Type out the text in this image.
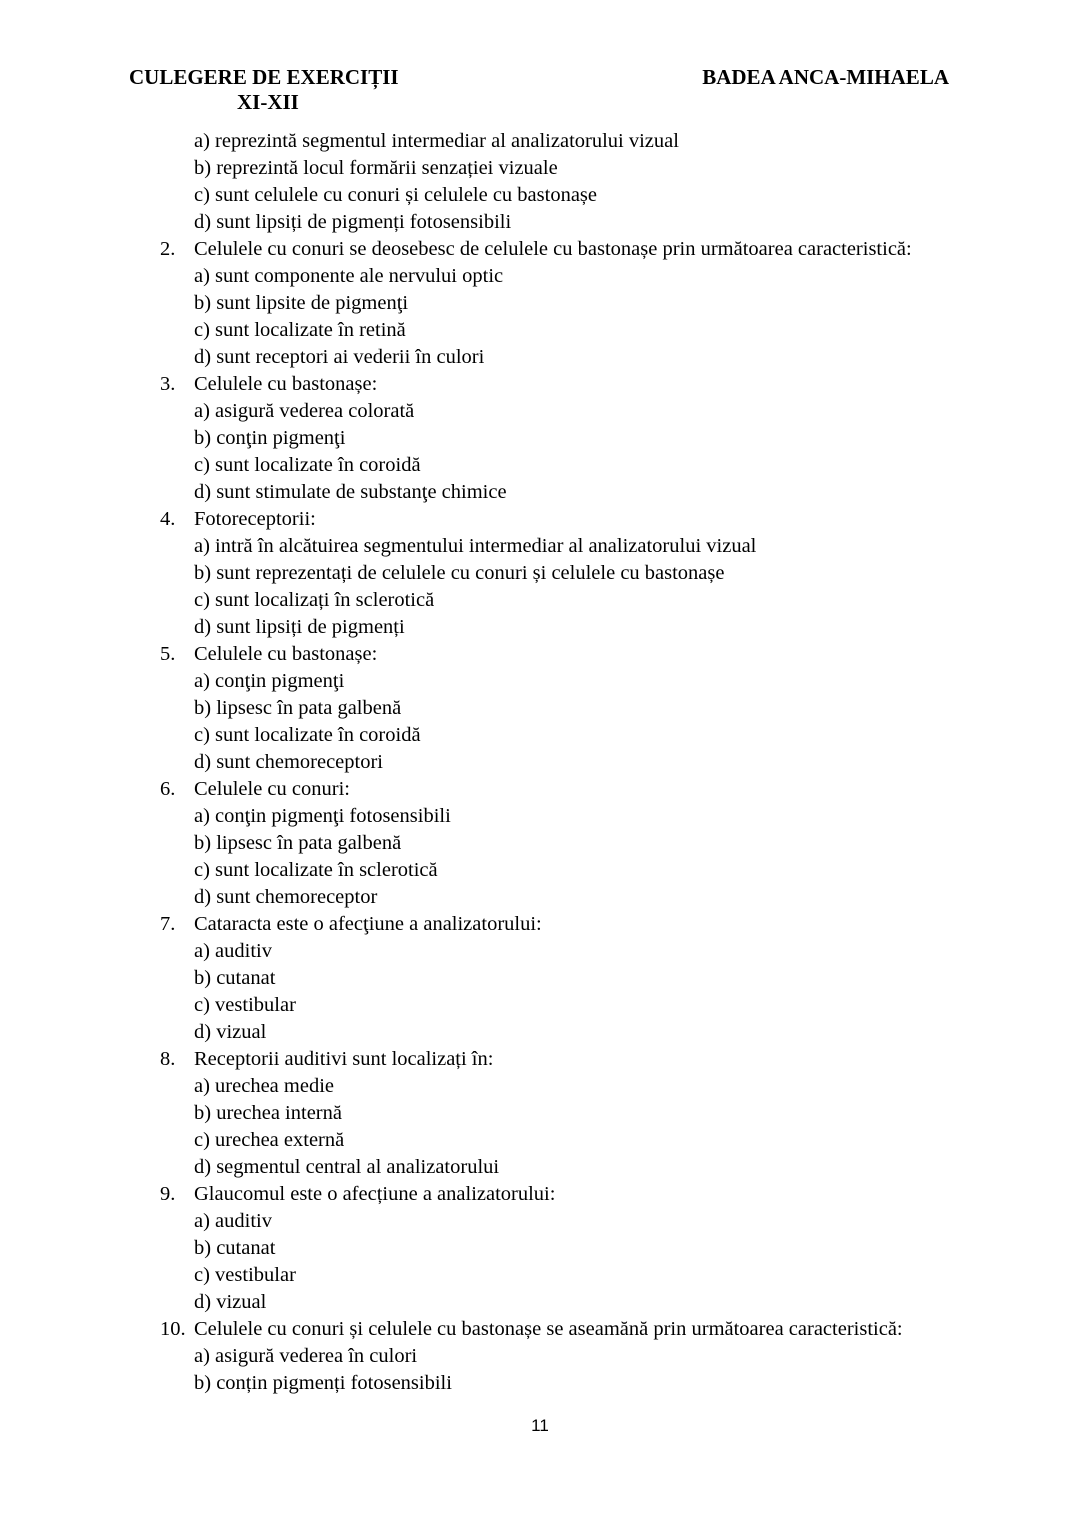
CULEGERE DE EXERCIȚII
XI-XII
BADEA ANCA-MIHAELA
a) reprezintă segmentul intermediar al analizatorului vizual
b) reprezintă locul formării senzației vizuale
c) sunt celulele cu conuri și celulele cu bastonașe
d) sunt lipsiți de pigmenți fotosensibili
2. Celulele cu conuri se deosebesc de celulele cu bastonașe prin următoarea caracteristică:
a) sunt componente ale nervului optic
b) sunt lipsite de pigmenţi
c) sunt localizate în retină
d) sunt receptori ai vederii în culori
3. Celulele cu bastonașe:
a) asigură vederea colorată
b) conţin pigmenţi
c) sunt localizate în coroidă
d) sunt stimulate de substanţe chimice
4. Fotoreceptorii:
a) intră în alcătuirea segmentului intermediar al analizatorului vizual
b) sunt reprezentați de celulele cu conuri și celulele cu bastonașe
c) sunt localizați în sclerotică
d) sunt lipsiți de pigmenți
5. Celulele cu bastonașe:
a) conţin pigmenţi
b) lipsesc în pata galbenă
c) sunt localizate în coroidă
d) sunt chemoreceptori
6. Celulele cu conuri:
a) conţin pigmenţi fotosensibili
b) lipsesc în pata galbenă
c) sunt localizate în sclerotică
d) sunt chemoreceptor
7. Cataracta este o afecţiune a analizatorului:
a) auditiv
b) cutanat
c) vestibular
d) vizual
8. Receptorii auditivi sunt localizați în:
a) urechea medie
b) urechea internă
c) urechea externă
d) segmentul central al analizatorului
9. Glaucomul este o afecțiune a analizatorului:
a) auditiv
b) cutanat
c) vestibular
d) vizual
10. Celulele cu conuri și celulele cu bastonașe se aseamănă prin următoarea caracteristică:
a) asigură vederea în culori
b) conțin pigmenți fotosensibili
11
